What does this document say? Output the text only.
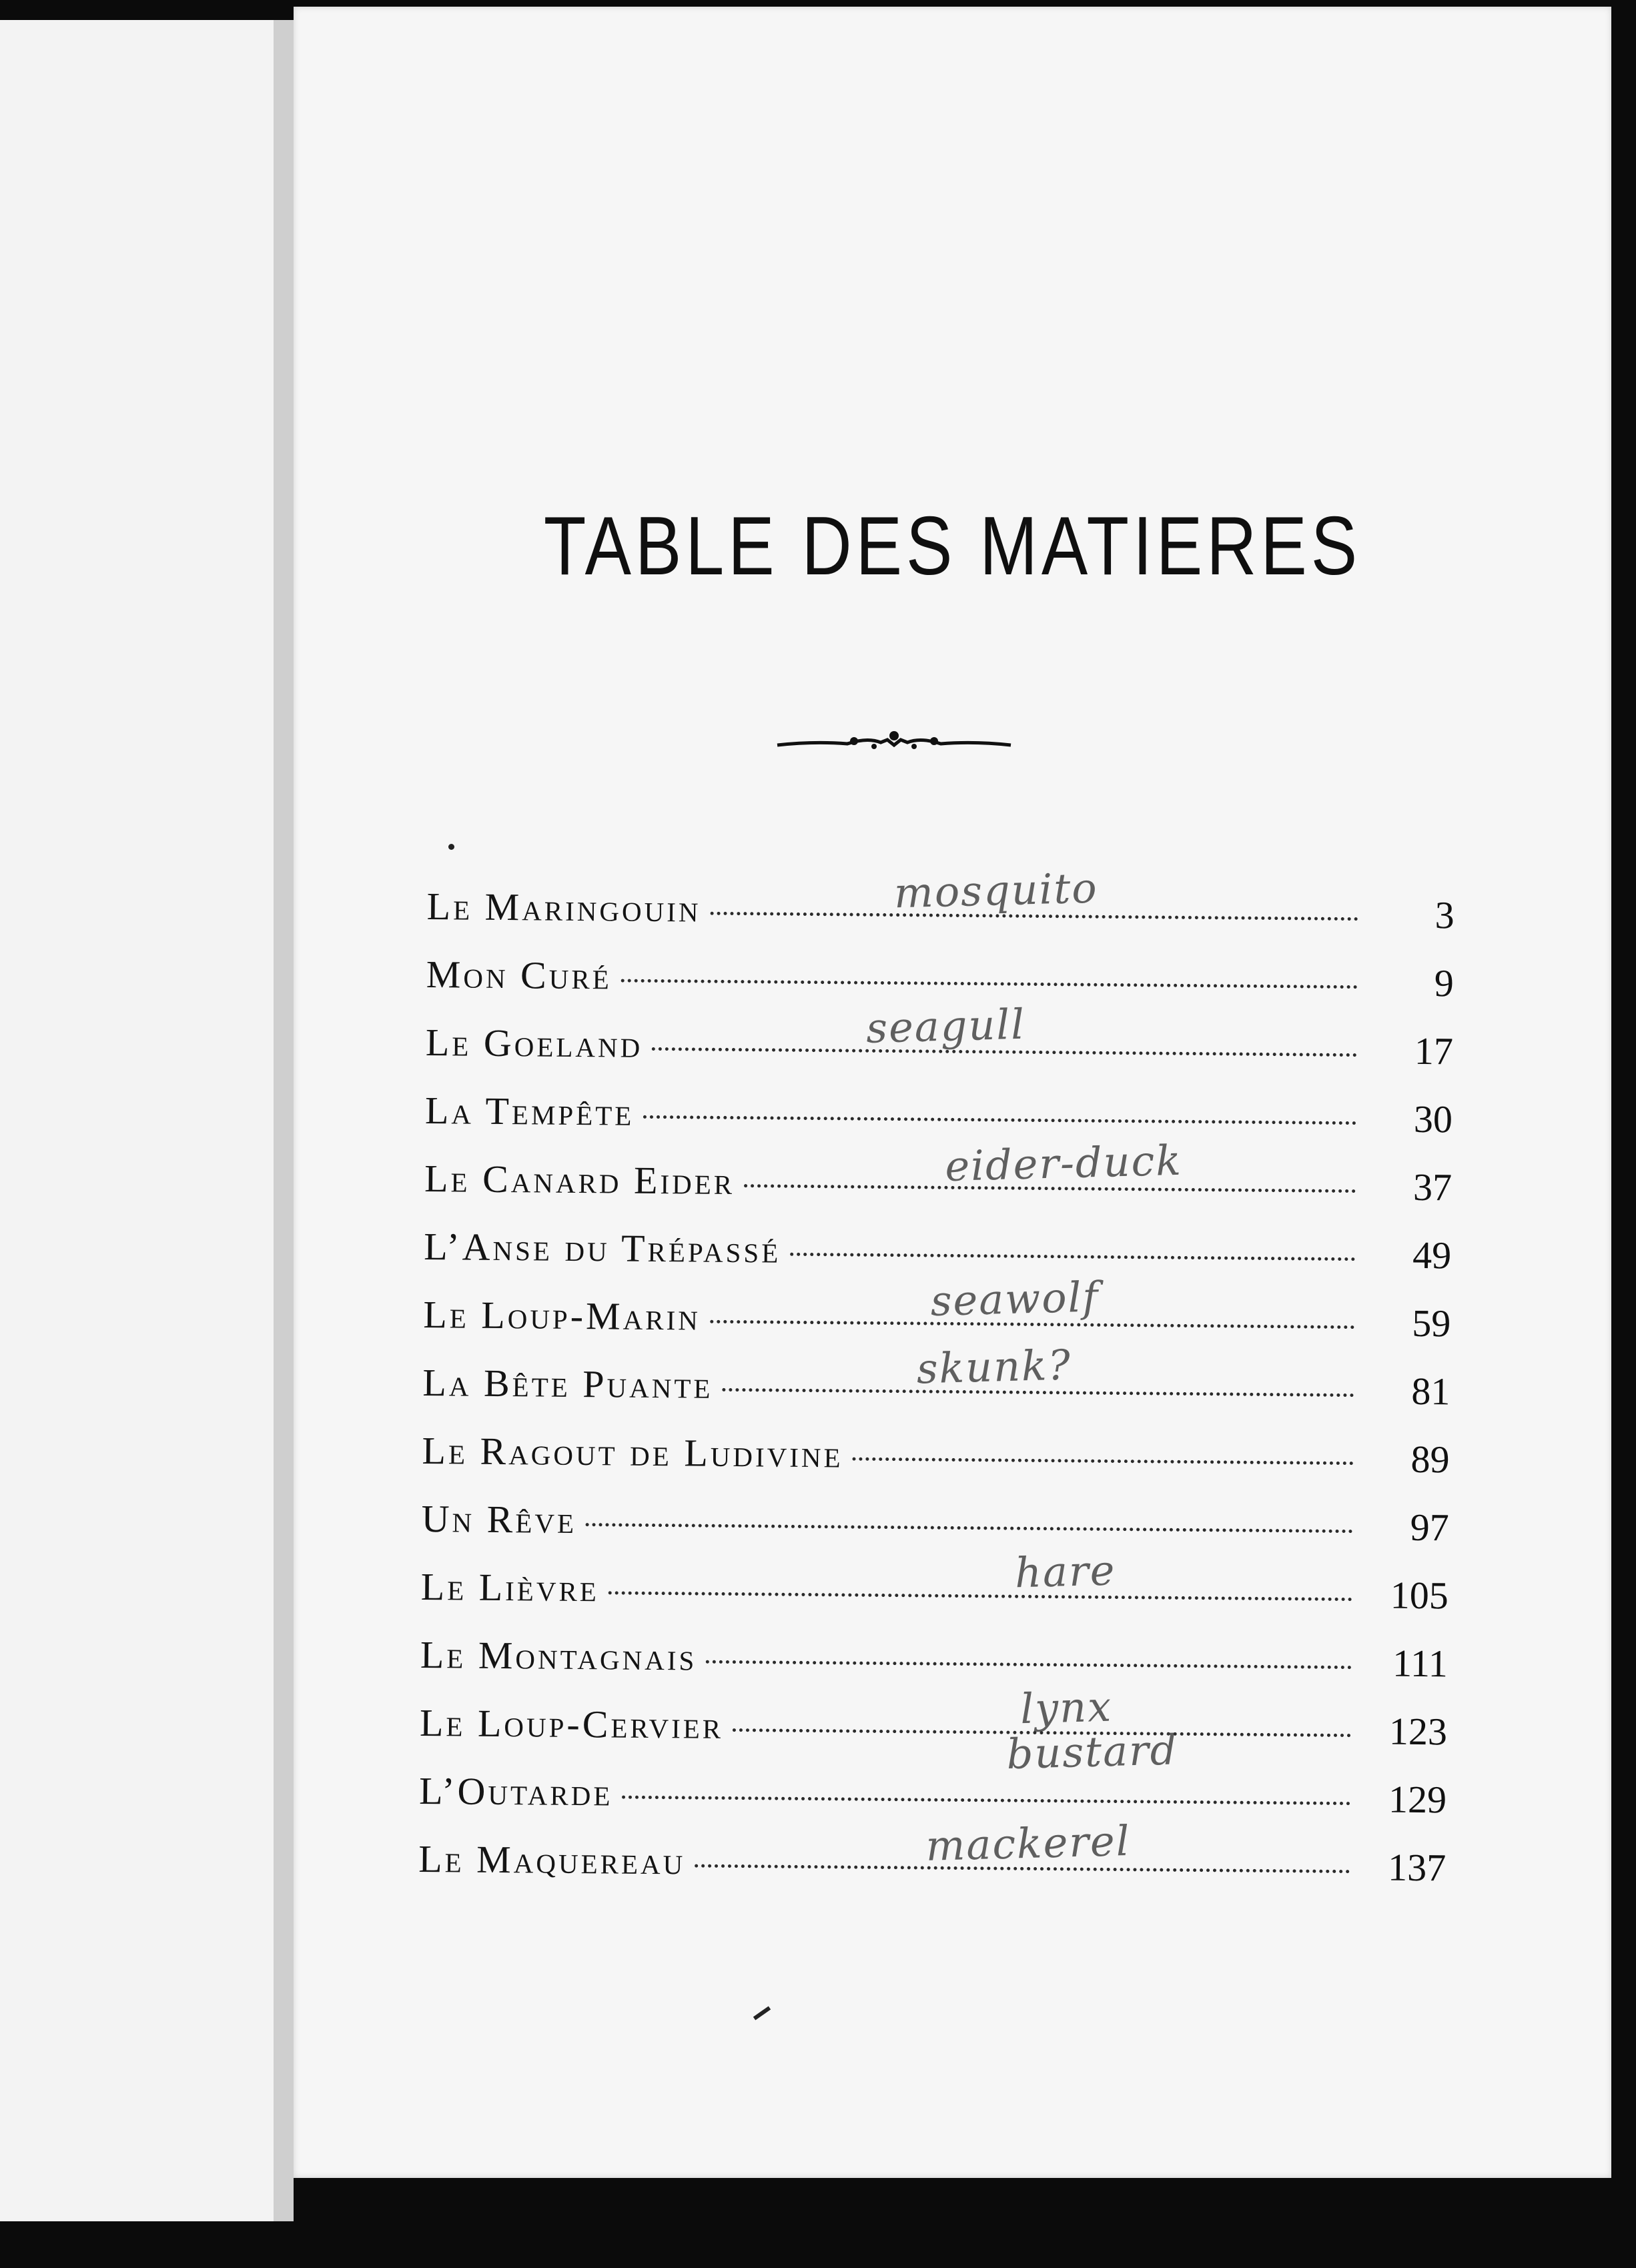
TABLE DES MATIERES
Le Maringouin	3
mosquito
Mon Curé	9
Le Goeland	17
seagull
La Tempête	30
Le Canard Eider	37
eider-duck
L’Anse du Trépassé	49
Le Loup-Marin	59
seawolf
La Bête Puante	81
skunk?
Le Ragout de Ludivine	89
Un Rêve	97
Le Lièvre	105
hare
Le Montagnais	111
Le Loup-Cervier	123
lynx
L’Outarde	129
bustard
Le Maquereau	137
mackerel
